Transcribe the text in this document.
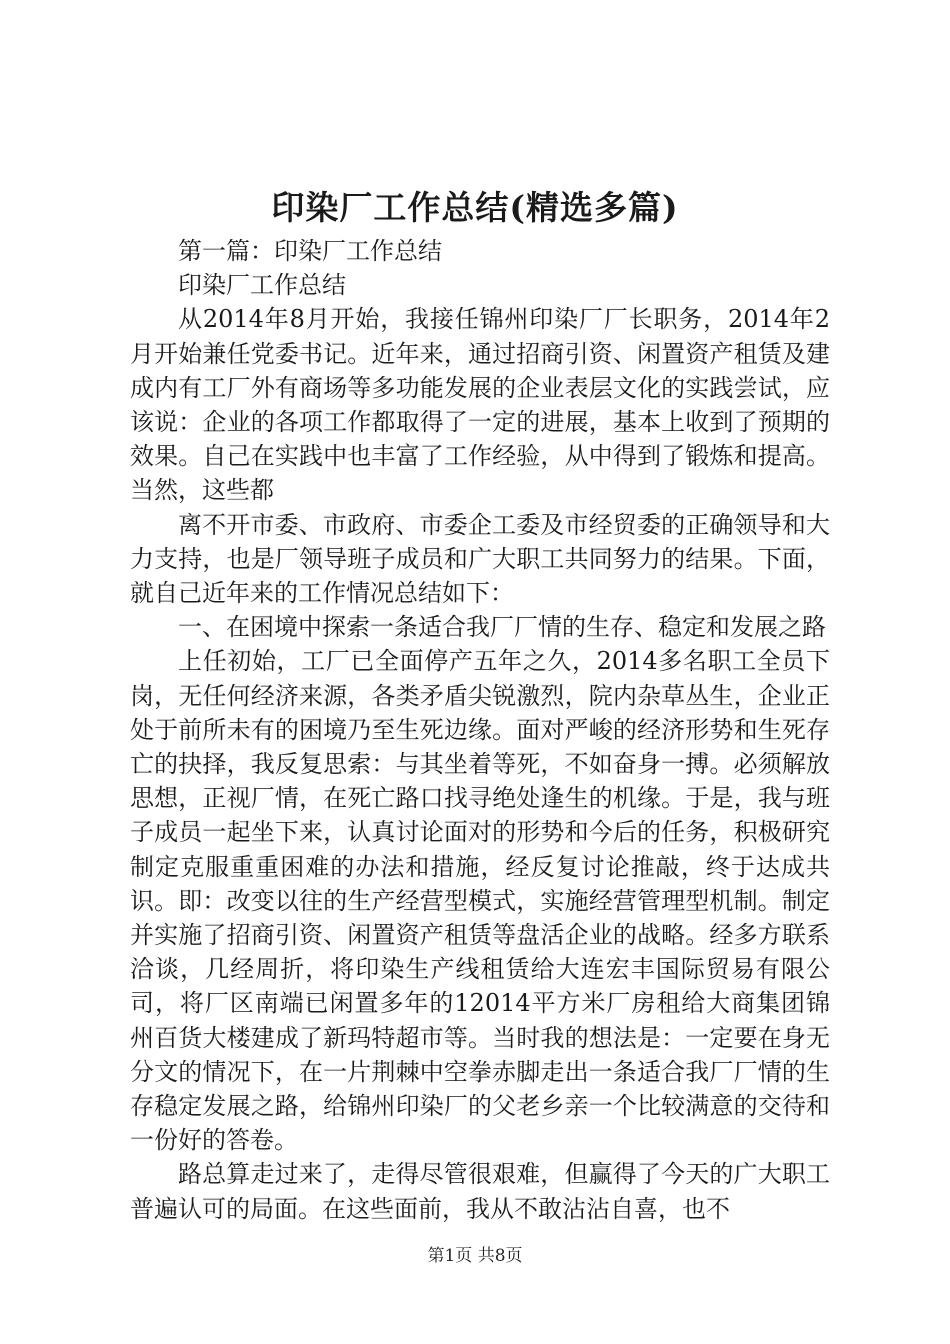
印染厂工作总结(精选多篇)

第一篇：印染厂工作总结

印染厂工作总结

从2014年8月开始，我接任锦州印染厂厂长职务，2014年2月开始兼任党委书记。近年来，通过招商引资、闲置资产租赁及建成内有工厂外有商场等多功能发展的企业表层文化的实践尝试，应该说：企业的各项工作都取得了一定的进展，基本上收到了预期的效果。自己在实践中也丰富了工作经验，从中得到了锻炼和提高。当然，这些都

离不开市委、市政府、市委企工委及市经贸委的正确领导和大力支持，也是厂领导班子成员和广大职工共同努力的结果。下面，就自己近年来的工作情况总结如下：

一、在困境中探索一条适合我厂厂情的生存、稳定和发展之路

上任初始，工厂已全面停产五年之久，2014多名职工全员下岗，无任何经济来源，各类矛盾尖锐激烈，院内杂草丛生，企业正处于前所未有的困境乃至生死边缘。面对严峻的经济形势和生死存亡的抉择，我反复思索：与其坐着等死，不如奋身一搏。必须解放思想，正视厂情，在死亡路口找寻绝处逢生的机缘。于是，我与班子成员一起坐下来，认真讨论面对的形势和今后的任务，积极研究制定克服重重困难的办法和措施，经反复讨论推敲，终于达成共识。即：改变以往的生产经营型模式，实施经营管理型机制。制定并实施了招商引资、闲置资产租赁等盘活企业的战略。经多方联系洽谈，几经周折，将印染生产线租赁给大连宏丰国际贸易有限公司，将厂区南端已闲置多年的12014平方米厂房租给大商集团锦州百货大楼建成了新玛特超市等。当时我的想法是：一定要在身无分文的情况下，在一片荆棘中空拳赤脚走出一条适合我厂厂情的生存稳定发展之路，给锦州印染厂的父老乡亲一个比较满意的交待和一份好的答卷。

路总算走过来了，走得尽管很艰难，但赢得了今天的广大职工普遍认可的局面。在这些面前，我从不敢沾沾自喜，也不

第1页 共8页
